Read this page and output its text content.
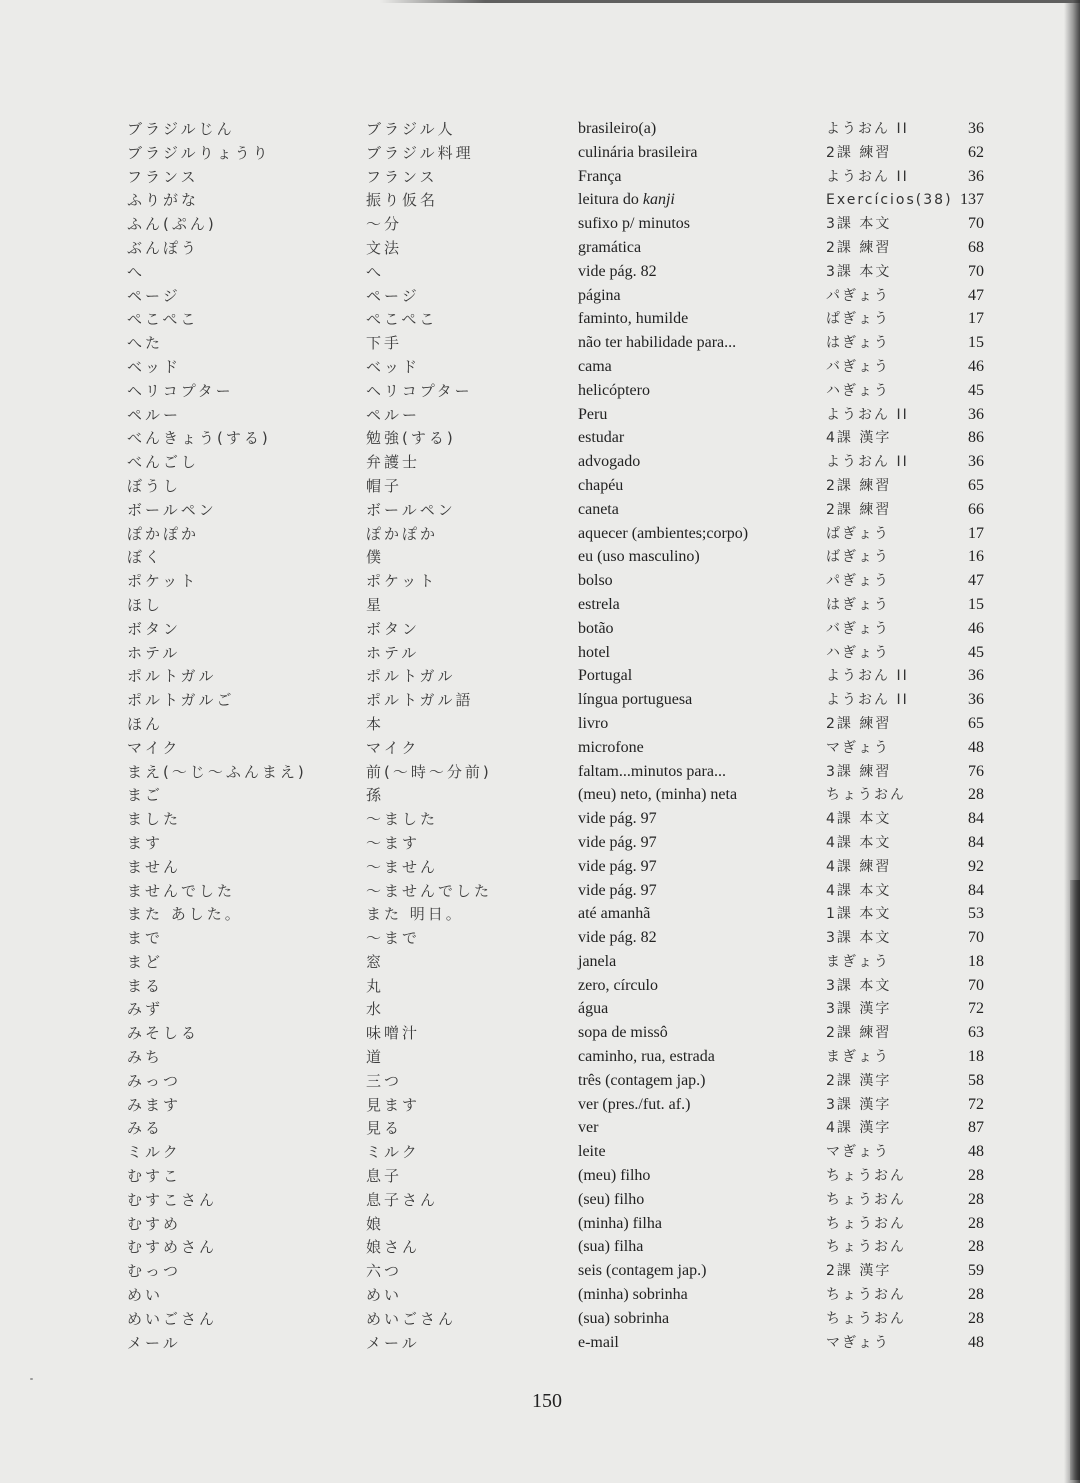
ブラジルじん	ブラジル人	brasileiro(a)	ようおん II	36
ブラジルりょうり	ブラジル料理	culinária brasileira	2課 練習	62
フランス	フランス	França	ようおん II	36
ふりがな	振り仮名	leitura do kanji	Exercícios(38) 137
ふん(ぷん)	〜分	sufixo p/ minutos	3課 本文	70
ぶんぽう	文法	gramática	2課 練習	68
へ	へ	vide pág. 82	3課 本文	70
ページ	ページ	página	パぎょう	47
ぺこぺこ	ぺこぺこ	faminto, humilde	ぱぎょう	17
へた	下手	não ter habilidade para...	はぎょう	15
ベッド	ベッド	cama	バぎょう	46
ヘリコプター	ヘリコプター	helicóptero	ハぎょう	45
ペルー	ペルー	Peru	ようおん II	36
べんきょう(する)	勉強(する)	estudar	4課 漢字	86
べんごし	弁護士	advogado	ようおん II	36
ぼうし	帽子	chapéu	2課 練習	65
ボールペン	ボールペン	caneta	2課 練習	66
ぽかぽか	ぽかぽか	aquecer (ambientes;corpo)	ぱぎょう	17
ぼく	僕	eu (uso masculino)	ばぎょう	16
ポケット	ポケット	bolso	パぎょう	47
ほし	星	estrela	はぎょう	15
ボタン	ボタン	botão	バぎょう	46
ホテル	ホテル	hotel	ハぎょう	45
ポルトガル	ポルトガル	Portugal	ようおん II	36
ポルトガルご	ポルトガル語	língua portuguesa	ようおん II	36
ほん	本	livro	2課 練習	65
マイク	マイク	microfone	マぎょう	48
まえ(〜じ〜ふんまえ)	前(〜時〜分前)	faltam...minutos para...	3課 練習	76
まご	孫	(meu) neto, (minha) neta	ちょうおん	28
ました	〜ました	vide pág. 97	4課 本文	84
ます	〜ます	vide pág. 97	4課 本文	84
ません	〜ません	vide pág. 97	4課 練習	92
ませんでした	〜ませんでした	vide pág. 97	4課 本文	84
また あした。	また 明日。	até amanhã	1課 本文	53
まで	〜まで	vide pág. 82	3課 本文	70
まど	窓	janela	まぎょう	18
まる	丸	zero, círculo	3課 本文	70
みず	水	água	3課 漢字	72
みそしる	味噌汁	sopa de missô	2課 練習	63
みち	道	caminho, rua, estrada	まぎょう	18
みっつ	三つ	três (contagem jap.)	2課 漢字	58
みます	見ます	ver (pres./fut. af.)	3課 漢字	72
みる	見る	ver	4課 漢字	87
ミルク	ミルク	leite	マぎょう	48
むすこ	息子	(meu) filho	ちょうおん	28
むすこさん	息子さん	(seu) filho	ちょうおん	28
むすめ	娘	(minha) filha	ちょうおん	28
むすめさん	娘さん	(sua) filha	ちょうおん	28
むっつ	六つ	seis (contagem jap.)	2課 漢字	59
めい	めい	(minha) sobrinha	ちょうおん	28
めいごさん	めいごさん	(sua) sobrinha	ちょうおん	28
メール	メール	e-mail	マぎょう	48
150
